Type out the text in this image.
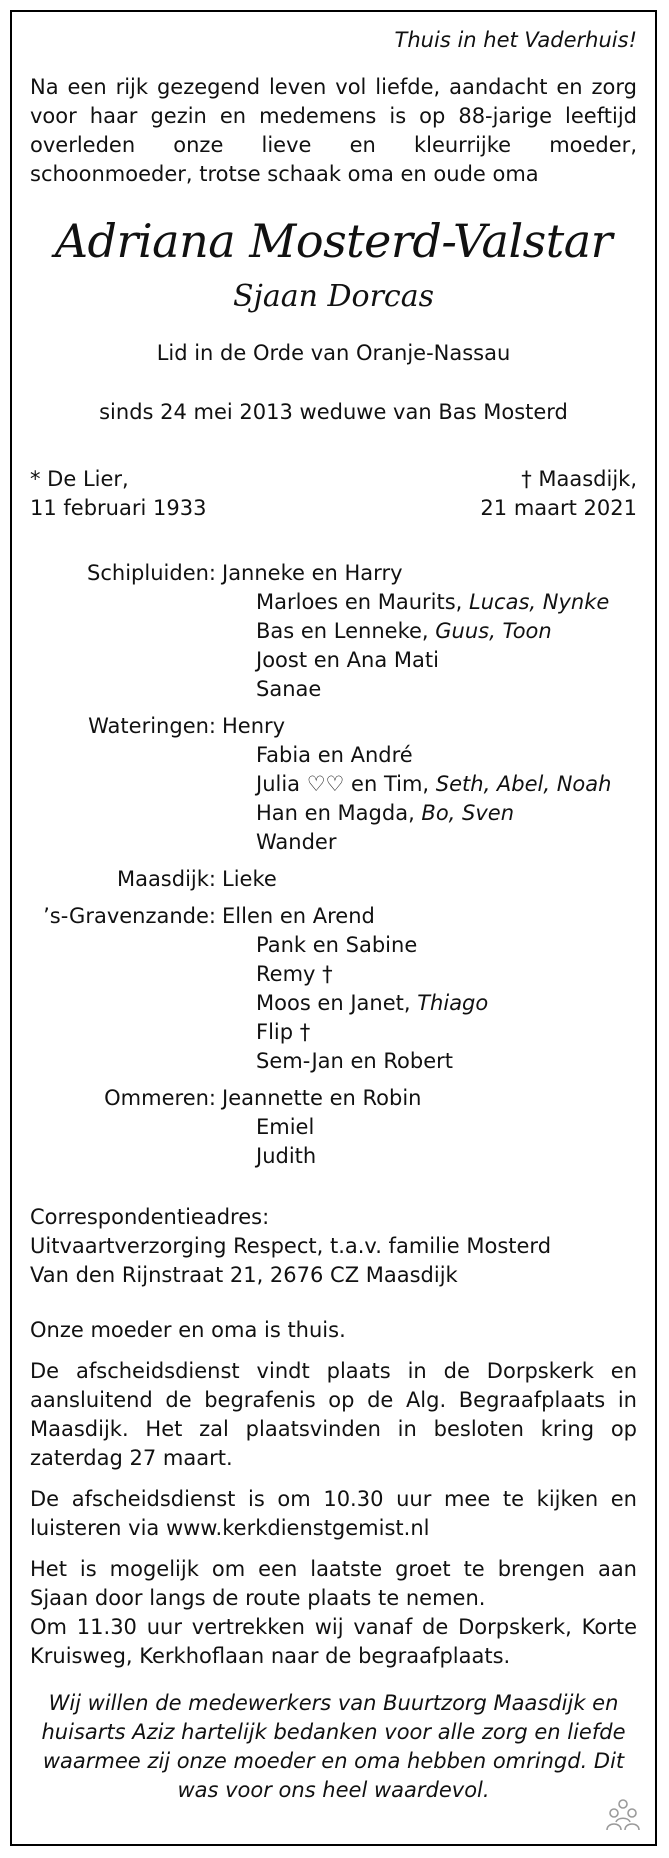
Thuis in het Vaderhuis!

Na een rijk gezegend leven vol liefde, aandacht en zorg voor haar gezin en medemens is op 88-jarige leeftijd overleden onze lieve en kleurrijke moeder, schoonmoeder, trotse schaak oma en oude oma

Adriana Mosterd-Valstar
Sjaan Dorcas

Lid in de Orde van Oranje-Nassau

sinds 24 mei 2013 weduwe van Bas Mosterd

* De Lier,
11 februari 1933
† Maasdijk,
21 maart 2021
Schipluiden: Janneke en Harry
Marloes en Maurits, Lucas, Nynke
Bas en Lenneke, Guus, Toon
Joost en Ana Mati
Sanae
Wateringen: Henry
Fabia en André
Julia ♡♡ en Tim, Seth, Abel, Noah
Han en Magda, Bo, Sven
Wander
Maasdijk: Lieke
’s-Gravenzande: Ellen en Arend
Pank en Sabine
Remy †
Moos en Janet, Thiago
Flip †
Sem-Jan en Robert
Ommeren: Jeannette en Robin
Emiel
Judith
Correspondentieadres:
Uitvaartverzorging Respect, t.a.v. familie Mosterd
Van den Rijnstraat 21, 2676 CZ Maasdijk

Onze moeder en oma is thuis.

De afscheidsdienst vindt plaats in de Dorpskerk en aansluitend de begrafenis op de Alg. Begraafplaats in Maasdijk. Het zal plaatsvinden in besloten kring op zaterdag 27 maart.

De afscheidsdienst is om 10.30 uur mee te kijken en luisteren via www.kerkdienstgemist.nl

Het is mogelijk om een laatste groet te brengen aan Sjaan door langs de route plaats te nemen.

Om 11.30 uur vertrekken wij vanaf de Dorpskerk, Korte Kruisweg, Kerkhoflaan naar de begraafplaats.

Wij willen de medewerkers van Buurtzorg Maasdijk en huisarts Aziz hartelijk bedanken voor alle zorg en liefde waarmee zij onze moeder en oma hebben omringd. Dit was voor ons heel waardevol.
